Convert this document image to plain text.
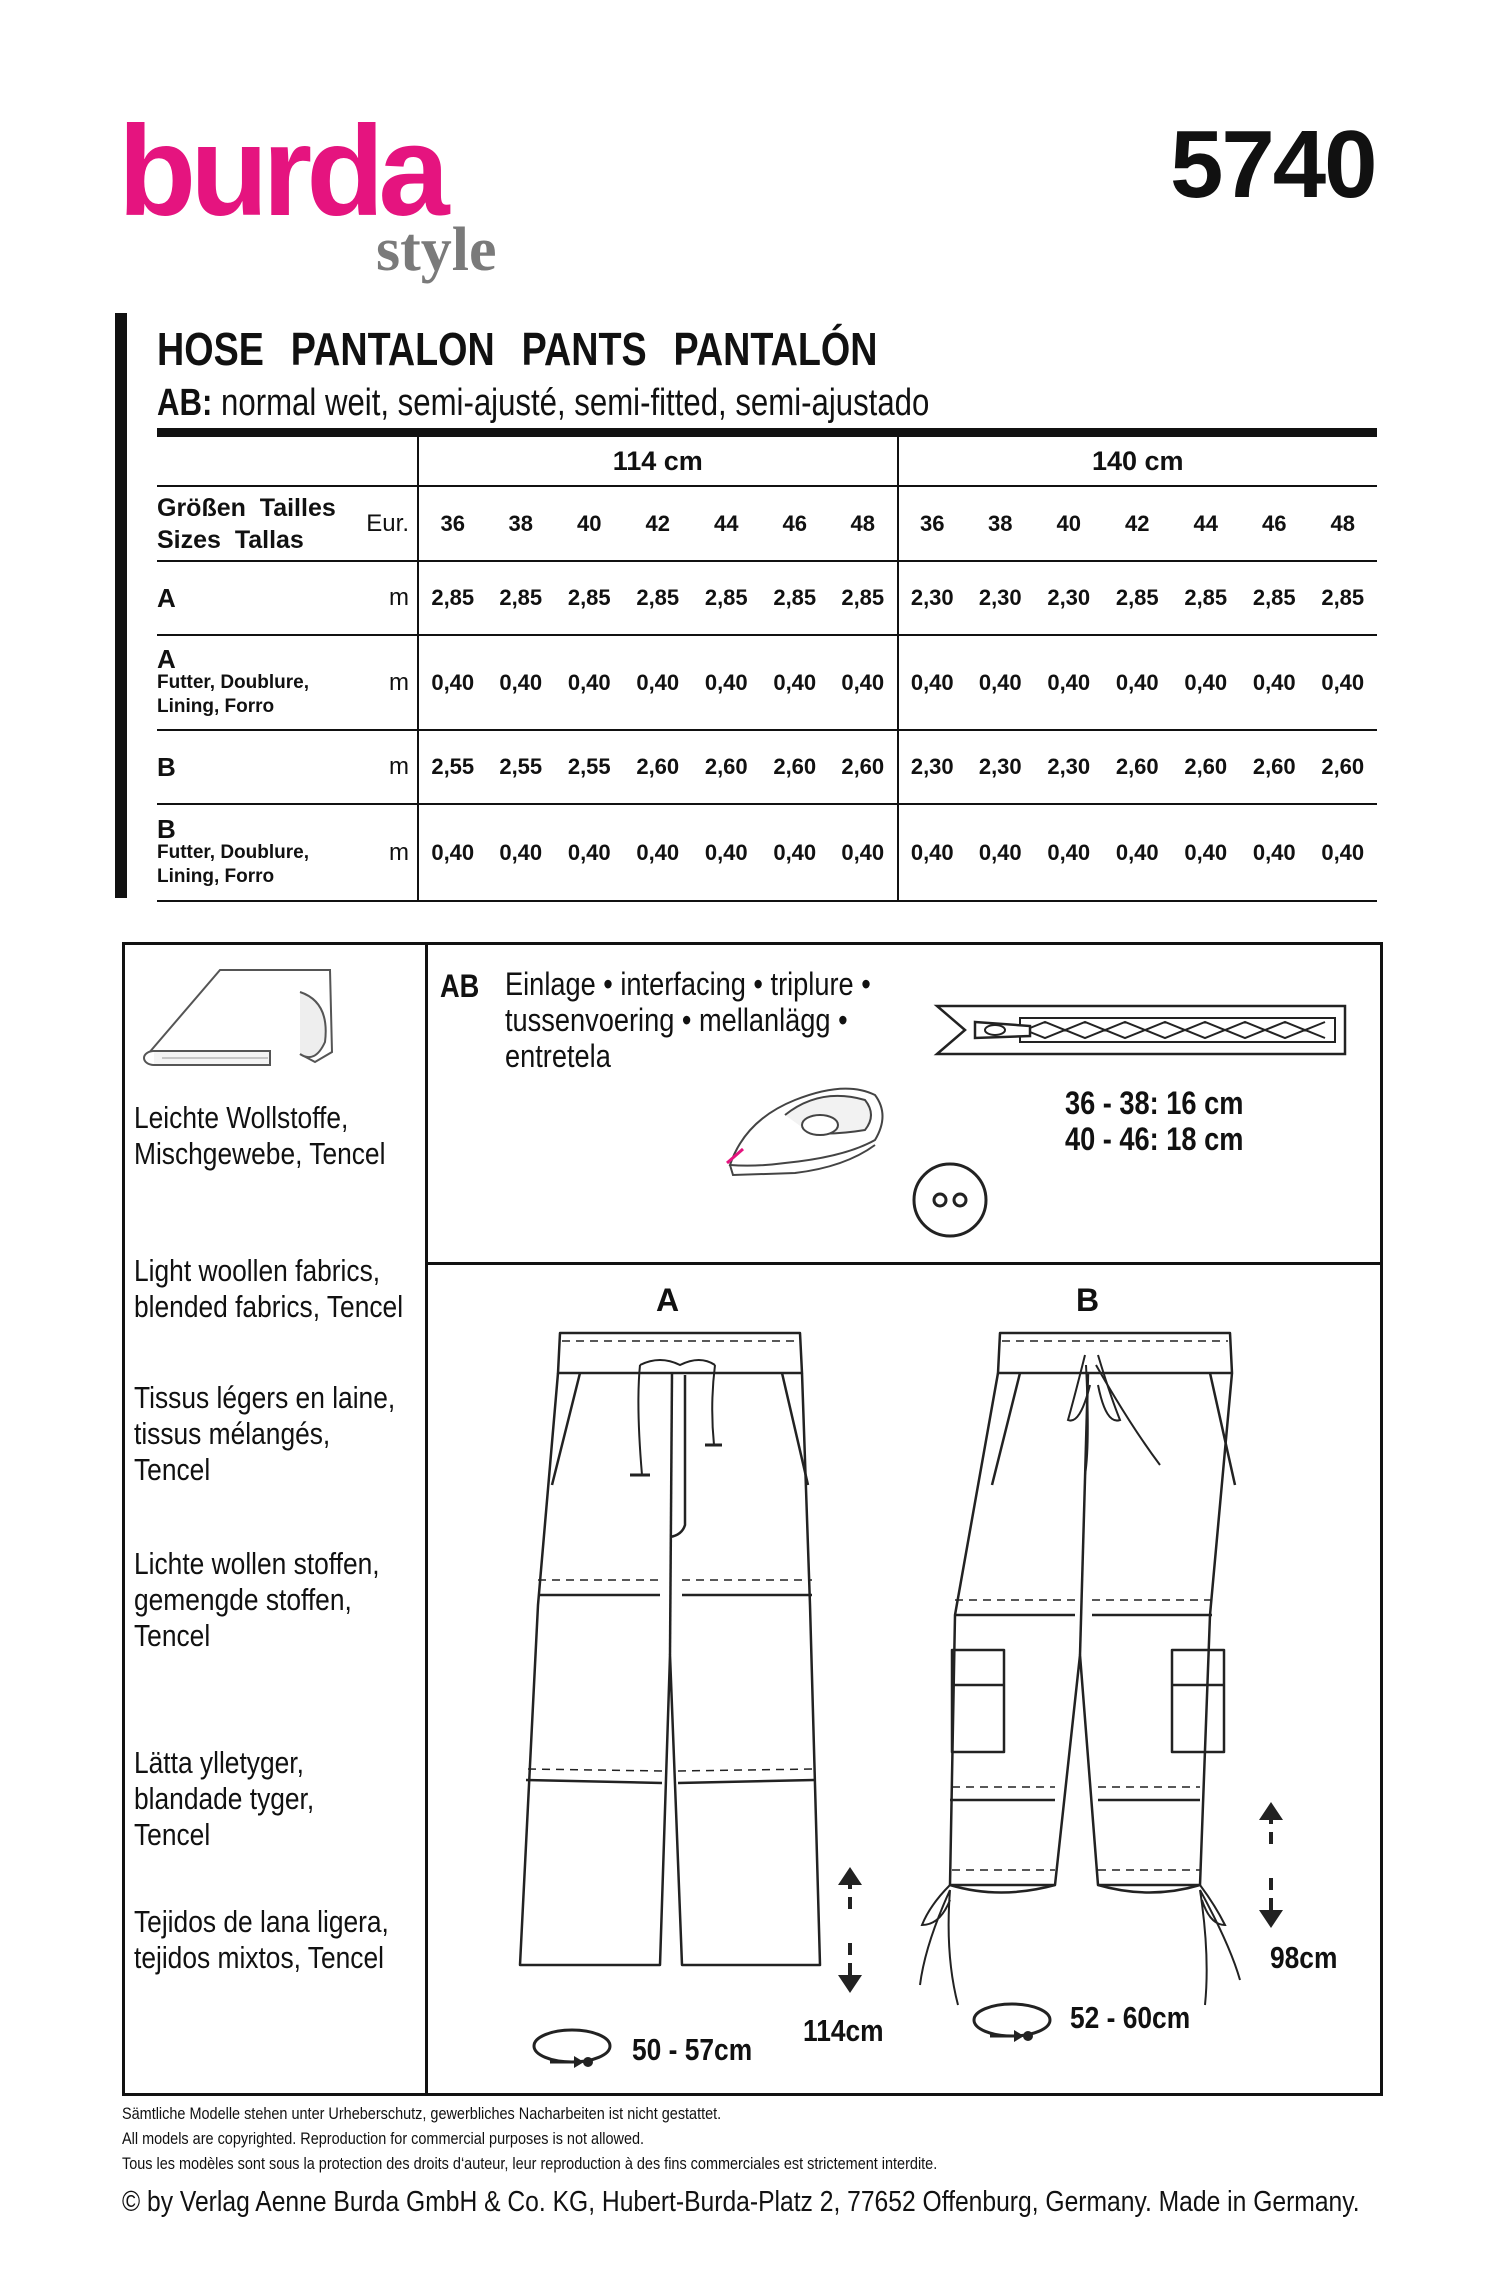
burda
style
5740
HOSE PANTALON PANTS PANTALÓN
AB: normal weit, semi-ajusté, semi-fitted, semi-ajustado
		114 cm							140 cm						

Größen  Tailles
Sizes  Tallas	Eur.	36	38	40	42	44	46	48	36	38	40	42	44	46	48
A	m	2,85	2,85	2,85	2,85	2,85	2,85	2,85	2,30	2,30	2,30	2,85	2,85	2,85	2,85

A
Futter, Doublure,
Lining, Forro	m	0,40	0,40	0,40	0,40	0,40	0,40	0,40	0,40	0,40	0,40	0,40	0,40	0,40	0,40
B	m	2,55	2,55	2,55	2,60	2,60	2,60	2,60	2,30	2,30	2,30	2,60	2,60	2,60	2,60

B
Futter, Doublure,
Lining, Forro	m	0,40	0,40	0,40	0,40	0,40	0,40	0,40	0,40	0,40	0,40	0,40	0,40	0,40	0,40
Leichte Wollstoffe,
Mischgewebe, Tencel
Light woollen fabrics,
blended fabrics, Tencel
Tissus légers en laine,
tissus mélangés,
Tencel
Lichte wollen stoffen,
gemengde stoffen,
Tencel
Lätta ylletyger,
blandade tyger,
Tencel
Tejidos de lana ligera,
tejidos mixtos, Tencel
AB Einlage • interfacing • triplure •
tussenvoering • mellanlägg •
entretela
36 - 38: 16 cm
40 - 46: 18 cm
A	B
50 - 57cm
114cm	52 - 60cm
98cm
Sämtliche Modelle stehen unter Urheberschutz, gewerbliches Nacharbeiten ist nicht gestattet.
All models are copyrighted. Reproduction for commercial purposes is not allowed.
Tous les modèles sont sous la protection des droits d‘auteur, leur reproduction à des fins commerciales est strictement interdite.
© by Verlag Aenne Burda GmbH & Co. KG, Hubert-Burda-Platz 2, 77652 Offenburg, Germany. Made in Germany.
